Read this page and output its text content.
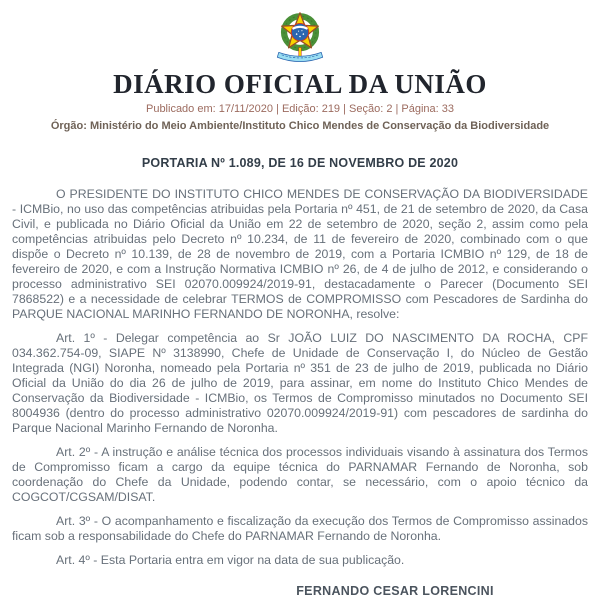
DIÁRIO OFICIAL DA UNIÃO

Publicado em: 17/11/2020 | Edição: 219 | Seção: 2 | Página: 33

Órgão: Ministério do Meio Ambiente/Instituto Chico Mendes de Conservação da Biodiversidade

PORTARIA Nº 1.089, DE 16 DE NOVEMBRO DE 2020

O PRESIDENTE DO INSTITUTO CHICO MENDES DE CONSERVAÇÃO DA BIODIVERSIDADE - ICMBio, no uso das competências atribuidas pela Portaria nº 451, de 21 de setembro de 2020, da Casa Civil, e publicada no Diário Oficial da União em 22 de setembro de 2020, seção 2, assim como pela competências atribuidas pelo Decreto nº 10.234, de 11 de fevereiro de 2020, combinado com o que dispõe o Decreto nº 10.139, de 28 de novembro de 2019, com a Portaria ICMBIO nº 129, de 18 de fevereiro de 2020, e com a Instrução Normativa ICMBIO nº 26, de 4 de julho de 2012, e considerando o processo administrativo SEI 02070.009924/2019-91, destacadamente o Parecer (Documento SEI 7868522) e a necessidade de celebrar TERMOS de COMPROMISSO com Pescadores de Sardinha do PARQUE NACIONAL MARINHO FERNANDO DE NORONHA, resolve:

Art. 1º - Delegar competência ao Sr JOÃO LUIZ DO NASCIMENTO DA ROCHA, CPF 034.362.754-09, SIAPE Nº 3138990, Chefe de Unidade de Conservação I, do Núcleo de Gestão Integrada (NGI) Noronha, nomeado pela Portaria nº 351 de 23 de julho de 2019, publicada no Diário Oficial da União do dia 26 de julho de 2019, para assinar, em nome do Instituto Chico Mendes de Conservação da Biodiversidade - ICMBio, os Termos de Compromisso minutados no Documento SEI 8004936 (dentro do processo administrativo 02070.009924/2019-91) com pescadores de sardinha do Parque Nacional Marinho Fernando de Noronha.

Art. 2º - A instrução e análise técnica dos processos individuais visando à assinatura dos Termos de Compromisso ficam a cargo da equipe técnica do PARNAMAR Fernando de Noronha, sob coordenação do Chefe da Unidade, podendo contar, se necessário, com o apoio técnico da COGCOT/CGSAM/DISAT.

Art. 3º - O acompanhamento e fiscalização da execução dos Termos de Compromisso assinados ficam sob a responsabilidade do Chefe do PARNAMAR Fernando de Noronha.

Art. 4º - Esta Portaria entra em vigor na data de sua publicação.

FERNANDO CESAR LORENCINI
